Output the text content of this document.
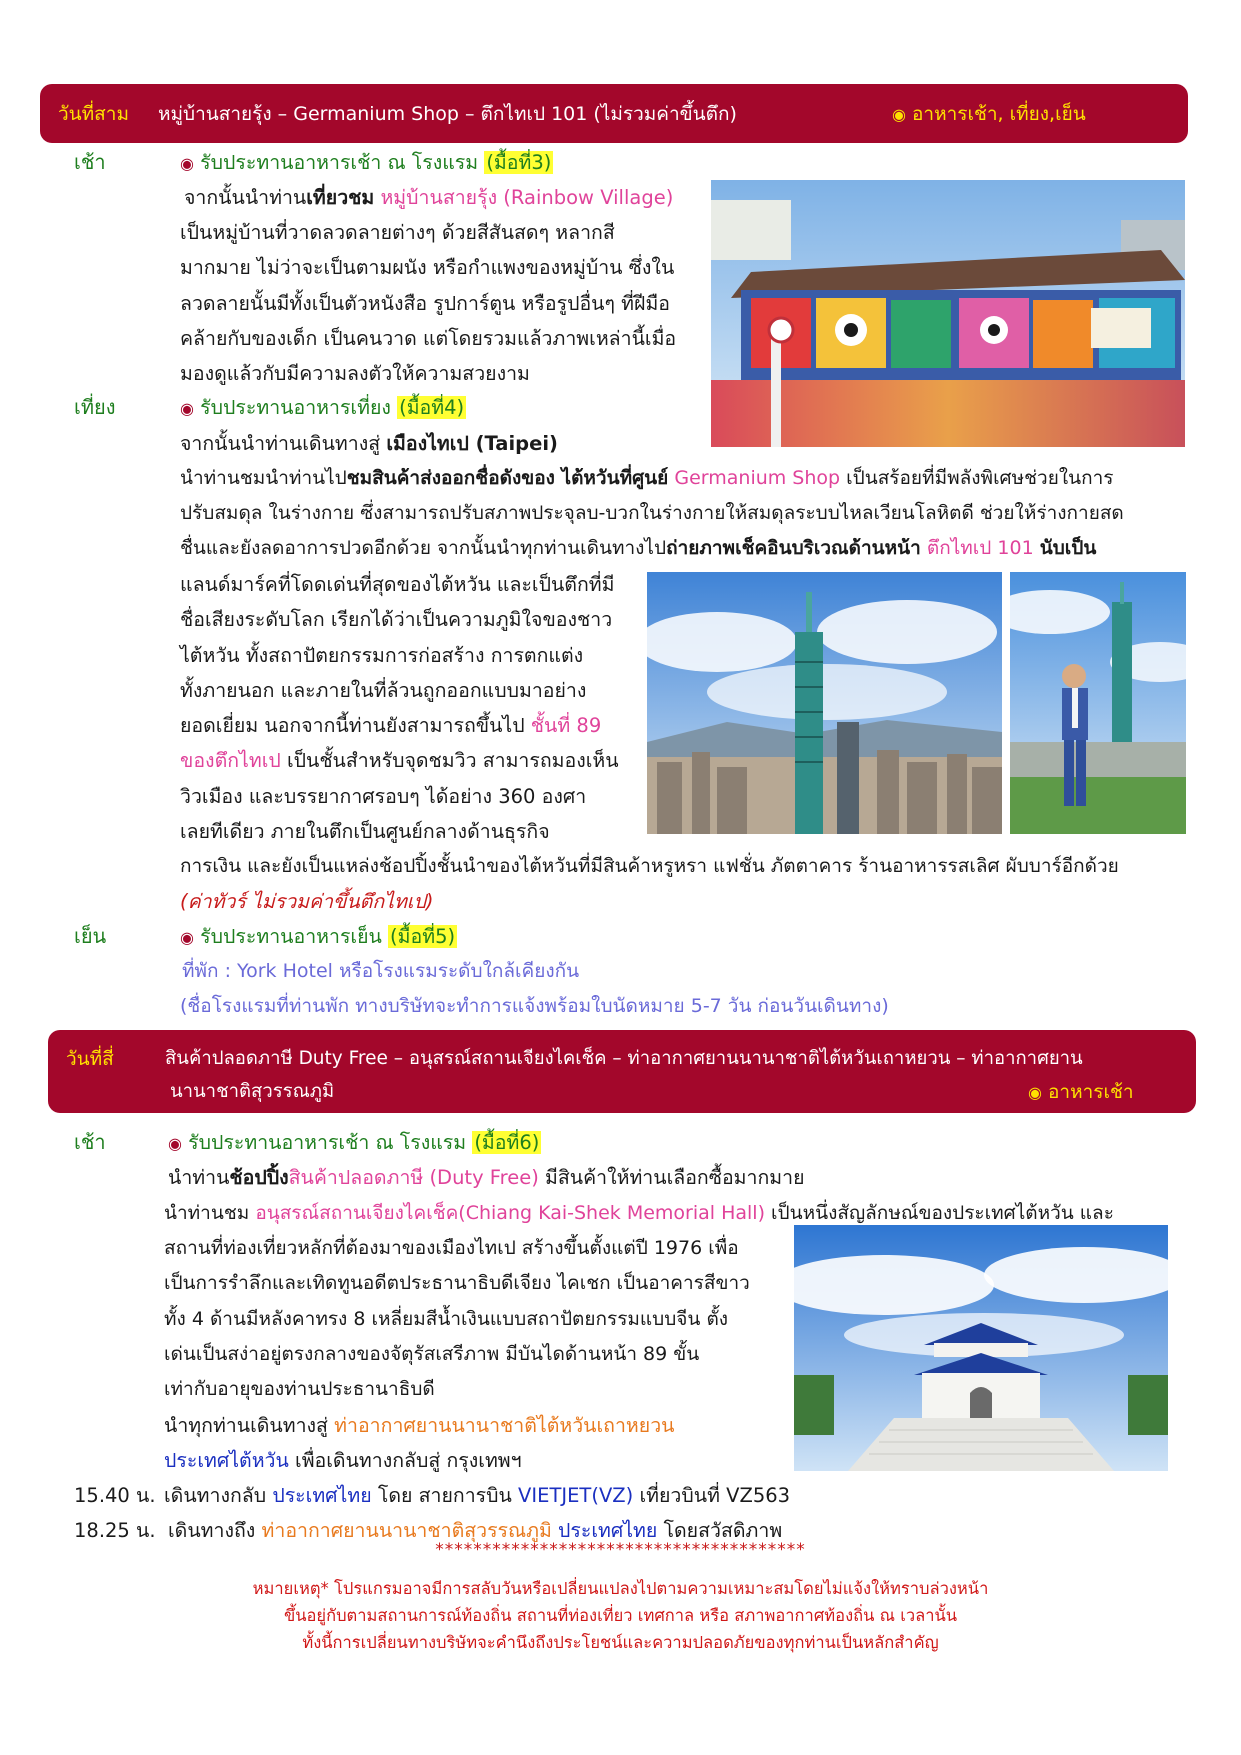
วันที่สาม หมู่บ้านสายรุ้ง – Germanium Shop – ตึกไทเป 101 (ไม่รวมค่าขึ้นตึก)	◉ อาหารเช้า, เที่ยง,เย็น
เช้า	◉ รับประทานอาหารเช้า ณ โรงแรม (มื้อที่3)
จากนั้นนำท่านเที่ยวชม หมู่บ้านสายรุ้ง (Rainbow Village)
เป็นหมู่บ้านที่วาดลวดลายต่างๆ ด้วยสีสันสดๆ หลากสี
มากมาย ไม่ว่าจะเป็นตามผนัง หรือกำแพงของหมู่บ้าน ซึ่งใน
ลวดลายนั้นมีทั้งเป็นตัวหนังสือ รูปการ์ตูน หรือรูปอื่นๆ ที่ฝีมือ
คล้ายกับของเด็ก เป็นคนวาด แต่โดยรวมแล้วภาพเหล่านี้เมื่อ
มองดูแล้วกับมีความลงตัวให้ความสวยงาม
เที่ยง	◉ รับประทานอาหารเที่ยง (มื้อที่4)
จากนั้นนำท่านเดินทางสู่ เมืองไทเป (Taipei)
นำท่านชมนำท่านไปชมสินค้าส่งออกชื่อดังของ ไต้หวันที่ศูนย์ Germanium Shop เป็นสร้อยที่มีพลังพิเศษช่วยในการ
ปรับสมดุล ในร่างกาย ซึ่งสามารถปรับสภาพประจุลบ-บวกในร่างกายให้สมดุลระบบไหลเวียนโลหิตดี ช่วยให้ร่างกายสด
ชื่นและยังลดอาการปวดอีกด้วย จากนั้นนำทุกท่านเดินทางไปถ่ายภาพเช็คอินบริเวณด้านหน้า ตึกไทเป 101 นับเป็น
แลนด์มาร์คที่โดดเด่นที่สุดของไต้หวัน และเป็นตึกที่มี
ชื่อเสียงระดับโลก เรียกได้ว่าเป็นความภูมิใจของชาว
ไต้หวัน ทั้งสถาปัตยกรรมการก่อสร้าง การตกแต่ง
ทั้งภายนอก และภายในที่ล้วนถูกออกแบบมาอย่าง
ยอดเยี่ยม นอกจากนี้ท่านยังสามารถขึ้นไป ชั้นที่ 89
ของตึกไทเป เป็นชั้นสำหรับจุดชมวิว สามารถมองเห็น
วิวเมือง และบรรยากาศรอบๆ ได้อย่าง 360 องศา
เลยทีเดียว ภายในตึกเป็นศูนย์กลางด้านธุรกิจ
การเงิน และยังเป็นแหล่งช้อปปิ้งชั้นนำของไต้หวันที่มีสินค้าหรูหรา แฟชั่น ภัตตาคาร ร้านอาหารรสเลิศ ผับบาร์อีกด้วย
(ค่าทัวร์ ไม่รวมค่าขึ้นตึกไทเป)
เย็น	◉ รับประทานอาหารเย็น (มื้อที่5)
ที่พัก : York Hotel หรือโรงแรมระดับใกล้เคียงกัน
(ชื่อโรงแรมที่ท่านพัก ทางบริษัทจะทำการแจ้งพร้อมใบนัดหมาย 5-7 วัน ก่อนวันเดินทาง)
วันที่สี่	สินค้าปลอดภาษี Duty Free – อนุสรณ์สถานเจียงไคเช็ค – ท่าอากาศยานนานาชาติไต้หวันเถาหยวน – ท่าอากาศยาน
นานาชาติสุวรรณภูมิ	◉ อาหารเช้า
เช้า	◉ รับประทานอาหารเช้า ณ โรงแรม (มื้อที่6)
นำท่านช้อปปิ้งสินค้าปลอดภาษี (Duty Free) มีสินค้าให้ท่านเลือกซื้อมากมาย
นำท่านชม อนุสรณ์สถานเจียงไคเช็ค(Chiang Kai-Shek Memorial Hall) เป็นหนึ่งสัญลักษณ์ของประเทศไต้หวัน และ
สถานที่ท่องเที่ยวหลักที่ต้องมาของเมืองไทเป สร้างขึ้นตั้งแต่ปี 1976 เพื่อ
เป็นการรำลึกและเทิดทูนอดีตประธานาธิบดีเจียง ไคเชก เป็นอาคารสีขาว
ทั้ง 4 ด้านมีหลังคาทรง 8 เหลี่ยมสีน้ำเงินแบบสถาปัตยกรรมแบบจีน ตั้ง
เด่นเป็นสง่าอยู่ตรงกลางของจัตุรัสเสรีภาพ มีบันไดด้านหน้า 89 ขั้น
เท่ากับอายุของท่านประธานาธิบดี
นำทุกท่านเดินทางสู่ ท่าอากาศยานนานาชาติไต้หวันเถาหยวน
ประเทศไต้หวัน เพื่อเดินทางกลับสู่ กรุงเทพฯ
15.40 น. เดินทางกลับ ประเทศไทย โดย สายการบิน VIETJET(VZ) เที่ยวบินที่ VZ563
18.25 น. เดินทางถึง ท่าอากาศยานนานาชาติสุวรรณภูมิ ประเทศไทย โดยสวัสดิภาพ
***************************************
หมายเหตุ* โปรแกรมอาจมีการสลับวันหรือเปลี่ยนแปลงไปตามความเหมาะสมโดยไม่แจ้งให้ทราบล่วงหน้า
ขึ้นอยู่กับตามสถานการณ์ท้องถิ่น สถานที่ท่องเที่ยว เทศกาล หรือ สภาพอากาศท้องถิ่น ณ เวลานั้น
ทั้งนี้การเปลี่ยนทางบริษัทจะคำนึงถึงประโยชน์และความปลอดภัยของทุกท่านเป็นหลักสำคัญ
